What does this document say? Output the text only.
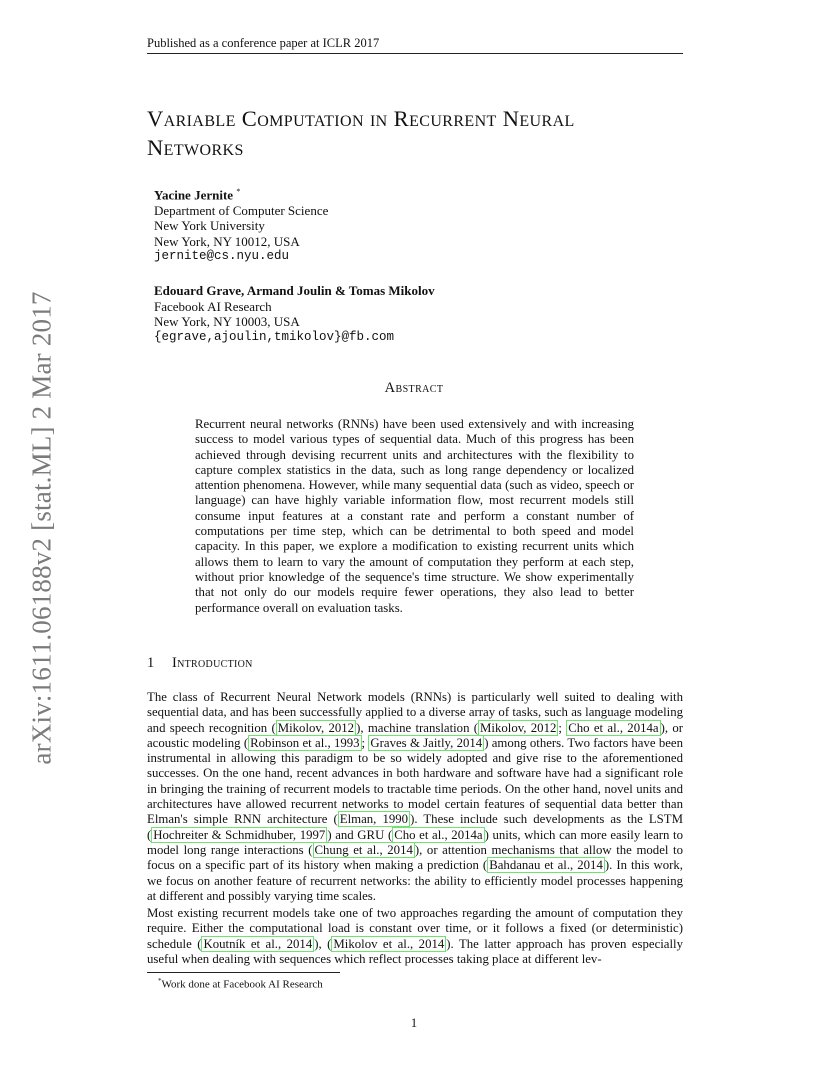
Published as a conference paper at ICLR 2017
arXiv:1611.06188v2 [stat.ML] 2 Mar 2017
Variable Computation in Recurrent Neural
Networks
Yacine Jernite *
Department of Computer Science
New York University
New York, NY 10012, USA
jernite@cs.nyu.edu
Edouard Grave, Armand Joulin & Tomas Mikolov
Facebook AI Research
New York, NY 10003, USA
{egrave,ajoulin,tmikolov}@fb.com
Abstract
Recurrent neural networks (RNNs) have been used extensively and with increasing success to model various types of sequential data. Much of this progress has been achieved through devising recurrent units and architectures with the flexibility to capture complex statistics in the data, such as long range dependency or localized attention phenomena. However, while many sequential data (such as video, speech or language) can have highly variable information flow, most recurrent models still consume input features at a constant rate and perform a constant number of computations per time step, which can be detrimental to both speed and model capacity. In this paper, we explore a modification to existing recurrent units which allows them to learn to vary the amount of computation they perform at each step, without prior knowledge of the sequence's time structure. We show experimentally that not only do our models require fewer operations, they also lead to better performance overall on evaluation tasks.
1 Introduction
The class of Recurrent Neural Network models (RNNs) is particularly well suited to dealing with sequential data, and has been successfully applied to a diverse array of tasks, such as language modeling and speech recognition ( Mikolov, 2012 ), machine translation ( Mikolov, 2012 ; Cho et al., 2014a ), or acoustic modeling ( Robinson et al., 1993 ; Graves & Jaitly, 2014 ) among others. Two factors have been instrumental in allowing this paradigm to be so widely adopted and give rise to the aforementioned successes. On the one hand, recent advances in both hardware and software have had a significant role in bringing the training of recurrent models to tractable time periods. On the other hand, novel units and architectures have allowed recurrent networks to model certain features of sequential data better than Elman's simple RNN architecture ( Elman, 1990 ). These include such developments as the LSTM ( Hochreiter & Schmidhuber, 1997 ) and GRU ( Cho et al., 2014a ) units, which can more easily learn to model long range interactions ( Chung et al., 2014 ), or attention mechanisms that allow the model to focus on a specific part of its history when making a prediction ( Bahdanau et al., 2014 ). In this work, we focus on another feature of recurrent networks: the ability to efficiently model processes happening at different and possibly varying time scales.
Most existing recurrent models take one of two approaches regarding the amount of computation they require. Either the computational load is constant over time, or it follows a fixed (or deterministic) schedule ( Koutník et al., 2014 ), ( Mikolov et al., 2014 ). The latter approach has proven especially useful when dealing with sequences which reflect processes taking place at different lev-
*Work done at Facebook AI Research
1
